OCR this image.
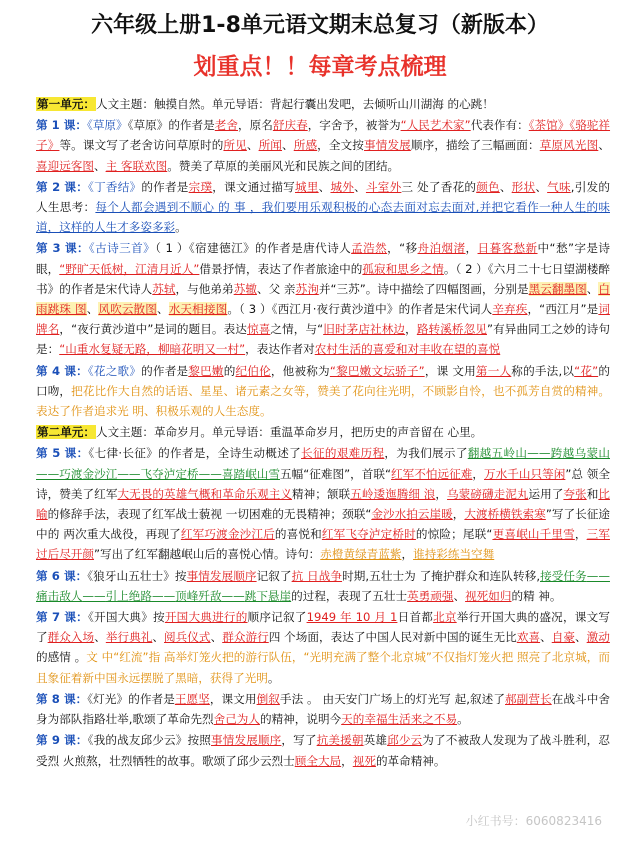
六年级上册1-8单元语文期末总复习（新版本）
划重点！！每章考点梳理

第一单元：人文主题：触摸自然。单元导语：背起行囊出发吧，去倾听山川湖海 的心跳！

第 1 课：《草原》《草原》的作者是老舍，原名舒庆春，字舍予，被誉为“人民艺术家”代表作有：《茶馆》《骆驼祥子》等。课文写了老舍访问草原时的所见、所闻、所感，全文按事情发展顺序，描绘了三幅画面：草原风光图、喜迎远客图、主 客联欢图。赞美了草原的美丽风光和民族之间的团结。

第 2 课：《丁香结》的作者是宗璞，课文通过描写城里、城外、斗室外三 处了香花的颜色、形状、气味,引发的人生思考：每个人都会遇到不顺心 的 事 ，我们要用乐观积极的心态去面对忘去面对,并把它看作一种人生的味道，这样的人生才多姿多彩。

第 3 课：《古诗三首》（ 1 ）《宿建德江》的作者是唐代诗人孟浩然，“移舟泊烟渚，日暮客愁新中“愁”字是诗眼，“野旷天低树，江清月近人”借景抒情，表达了作者旅途中的孤寂和思乡之情。（ 2 ）《六月二十七日望湖楼醉书》的作者是宋代诗人苏轼，与他弟弟苏辙、父 亲苏洵并“三苏”。诗中描绘了四幅图画，分别是黑云翻墨图、白雨跳珠 图、风吹云散图、水天相接图。（ 3 ）《西江月·夜行黄沙道中》的作者是宋代词人辛弃疾，“西江月”是词牌名，“夜行黄沙道中”是词的题目。表达惊喜之情，与“旧时茅店社林边，路转溪桥忽见”有异曲同工之妙的诗句是：“山重水复疑无路，柳暗花明又一村”，表达作者对农村生活的喜爱和对丰收在望的喜悦

第 4 课：《花之歌》的作者是黎巴嫩的纪伯伦，他被称为“黎巴嫩文坛骄子”，课 文用第一人称的手法,以“花”的 口吻，把花比作大自然的话语、星星、诸元素之女等，赞美了花向往光明，不顾影自怜，也不孤芳自赏的精神。 表达了作者追求光 明、积极乐观的人生态度。

第二单元：人文主题：革命岁月。单元导语：重温革命岁月，把历史的声音留在 心里。

第 5 课：《七律·长征》的作者是，全诗生动概述了长征的艰难历程，为我们展示了翻越五岭山——跨越乌蒙山——巧渡金沙江——飞夺泸定桥——喜踏岷山雪五幅“征难图”，首联“红军不怕远征难，万水千山只等闲”总 领全诗，赞美了红军大无畏的英雄气概和革命乐观主义精神；颔联五岭逶迤腾细 浪，乌蒙磅礴走泥丸运用了夸张和比喻的修辞手法，表现了红军战士藐视 一切困难的无畏精神；颈联“金沙水拍云崖暖，大渡桥横铁索寒”写了长征途中的 两次重大战役，再现了红军巧渡金沙江后的喜悦和红军飞夺泸定桥时的惊险；尾联“更喜岷山千里雪，三军过后尽开颜”写出了红军翻越岷山后的喜悦心情。诗句：赤橙黄绿青蓝紫，谁持彩练当空舞

第 6 课：《狼牙山五壮士》按事情发展顺序记叙了抗 日战争时期,五壮士为 了掩护群众和连队转移,接受任务——痛击敌人——引上绝路——顶峰歼敌——跳下悬崖的过程，表现了五壮士英勇顽强、视死如归的精 神。

第 7 课：《开国大典》按开国大典进行的顺序记叙了1949 年 10 月 1日首都北京举行开国大典的盛况，课文写了群众入场、举行典礼、阅兵仪式、群众游行四 个场面，表达了中国人民对新中国的诞生无比欢喜、自豪、激动的感情 。文 中“红流”指 高举灯笼火把的游行队伍，“光明充满了整个北京城”不仅指灯笼火把 照亮了北京城，而且象征着新中国永远摆脱了黑暗，获得了光明。

第 8 课：《灯光》的作者是王愿坚，课文用倒叙手法 。 由天安门广场上的灯光写 起,叙述了郝副营长在战斗中舍身为部队指路壮举,歌颂了革命先烈舍己为人的精神，说明今天的幸福生活来之不易。

第 9 课：《我的战友邱少云》按照事情发展顺序，写了抗美援朝英雄邱少云为了不被敌人发现为了战斗胜利，忍受烈 火煎熬，壮烈牺牲的故事。歌颂了邱少云烈士顾全大局，视死的革命精神。

小红书号：6060823416
